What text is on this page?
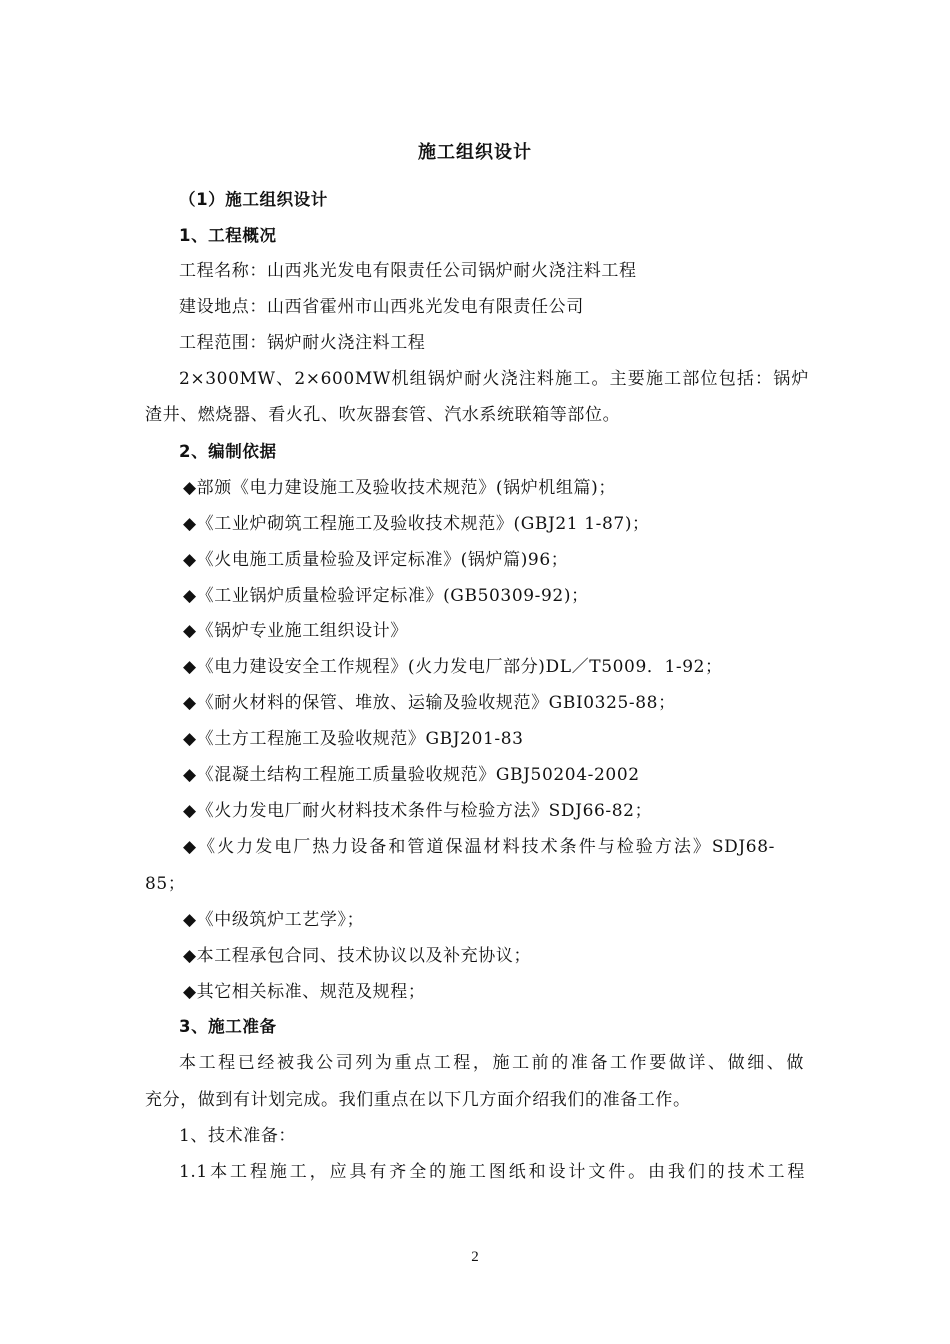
施工组织设计
（1）施工组织设计
1、工程概况
工程名称：山西兆光发电有限责任公司锅炉耐火浇注料工程
建设地点：山西省霍州市山西兆光发电有限责任公司
工程范围：锅炉耐火浇注料工程
2×300MW、2×600MW机组锅炉耐火浇注料施工。主要施工部位包括：锅炉
渣井、燃烧器、看火孔、吹灰器套管、汽水系统联箱等部位。
2、编制依据
◆部颁《电力建设施工及验收技术规范》(锅炉机组篇)；
◆《工业炉砌筑工程施工及验收技术规范》(GBJ21 1-87)；
◆《火电施工质量检验及评定标准》(锅炉篇)96；
◆《工业锅炉质量检验评定标准》(GB50309-92)；
◆《锅炉专业施工组织设计》
◆《电力建设安全工作规程》(火力发电厂部分)DL／T5009．1-92；
◆《耐火材料的保管、堆放、运输及验收规范》GBI0325-88；
◆《土方工程施工及验收规范》GBJ201-83
◆《混凝土结构工程施工质量验收规范》GBJ50204-2002
◆《火力发电厂耐火材料技术条件与检验方法》SDJ66-82；
◆《火力发电厂热力设备和管道保温材料技术条件与检验方法》SDJ68-
85；
◆《中级筑炉工艺学》；
◆本工程承包合同、技术协议以及补充协议；
◆其它相关标准、规范及规程；
3、施工准备
本工程已经被我公司列为重点工程，施工前的准备工作要做详、做细、做
充分，做到有计划完成。我们重点在以下几方面介绍我们的准备工作。
1、技术准备：
1.1本工程施工，应具有齐全的施工图纸和设计文件。由我们的技术工程
2
